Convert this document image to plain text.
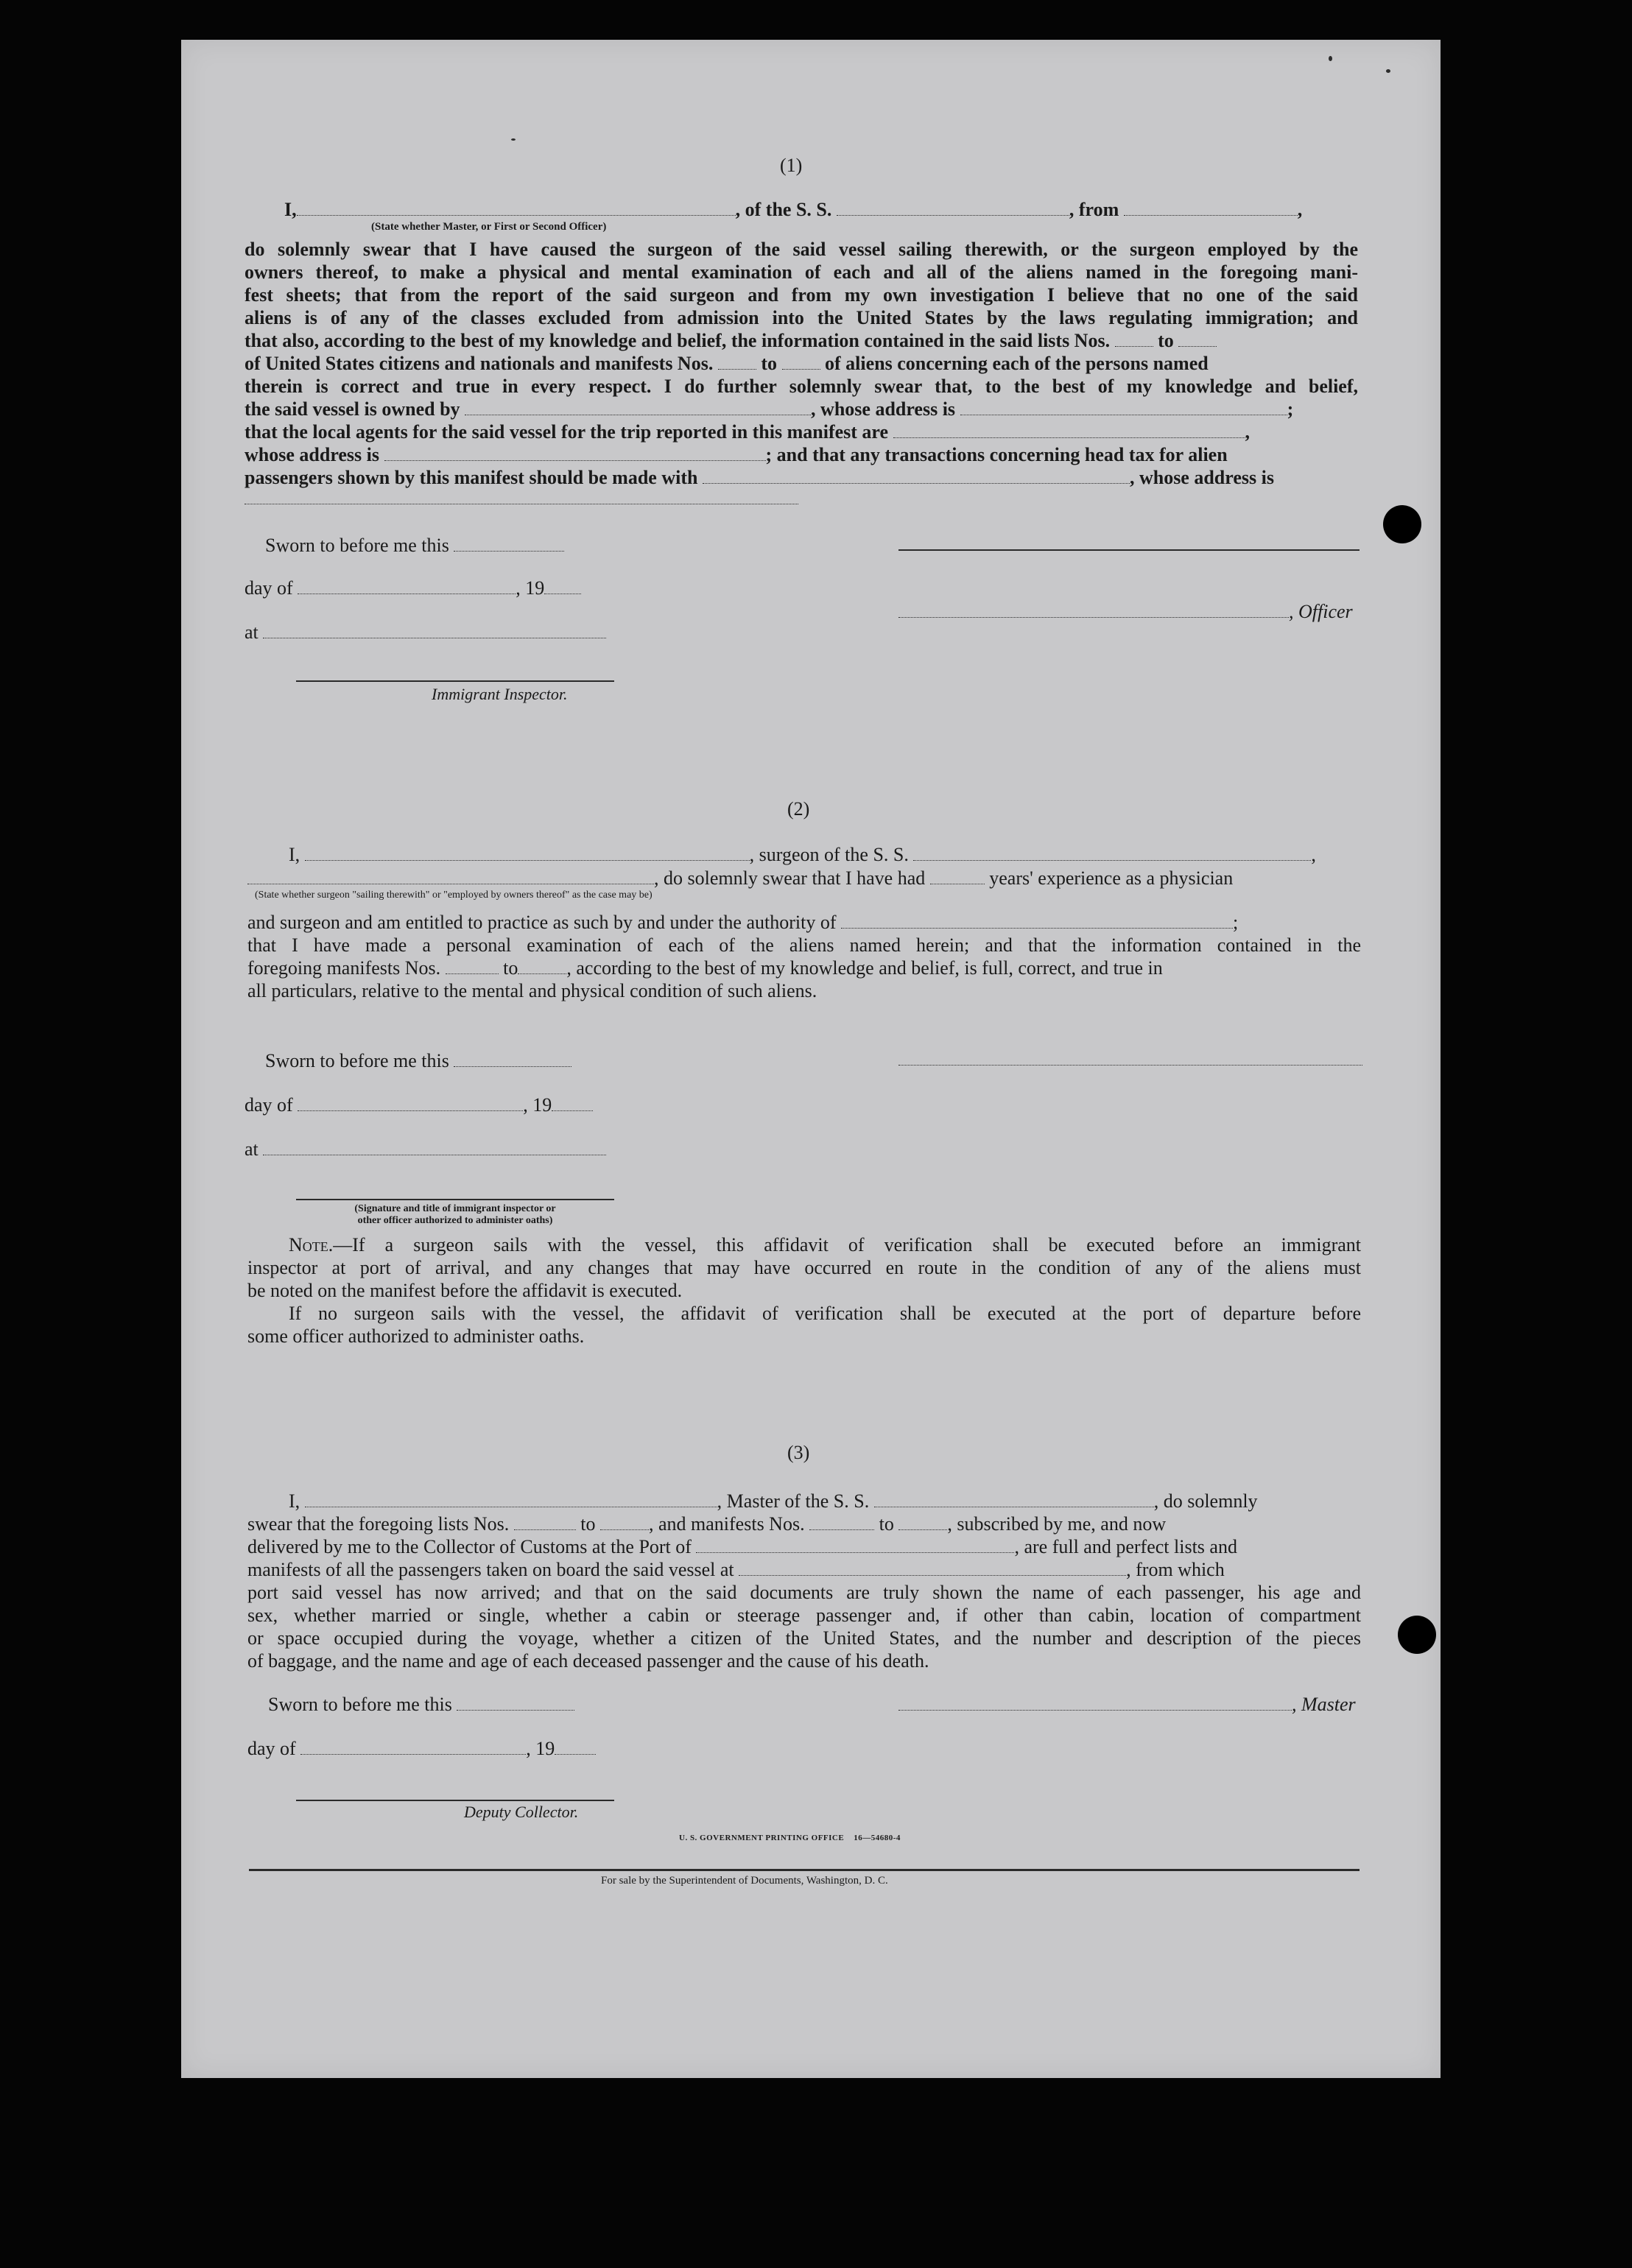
(1)
I,	, of the S. S.	, from	,
(State whether Master, or First or Second Officer)
do solemnly swear that I have caused the surgeon of the said vessel sailing therewith, or the surgeon employed by the
owners thereof, to make a physical and mental examination of each and all of the aliens named in the foregoing mani-
fest sheets; that from the report of the said surgeon and from my own investigation I believe that no one of the said
aliens is of any of the classes excluded from admission into the United States by the laws regulating immigration; and
that also, according to the best of my knowledge and belief, the information contained in the said lists Nos.	to
of United States citizens and nationals and manifests Nos.	to	of aliens concerning each of the persons named
therein is correct and true in every respect. I do further solemnly swear that, to the best of my knowledge and belief,
the said vessel is owned by	, whose address is	;
that the local agents for the said vessel for the trip reported in this manifest are	,
whose address is	; and that any transactions concerning head tax for alien
passengers shown by this manifest should be made with	, whose address is
Sworn to before me this
day of	, 19
at
Immigrant Inspector.
, Officer
(2)
I,	, surgeon of the S. S.	,
, do solemnly swear that I have had	years' experience as a physician
(State whether surgeon "sailing therewith" or "employed by owners thereof" as the case may be)
and surgeon and am entitled to practice as such by and under the authority of	;
that I have made a personal examination of each of the aliens named herein; and that the information contained in the
foregoing manifests Nos.	to	, according to the best of my knowledge and belief, is full, correct, and true in
all particulars, relative to the mental and physical condition of such aliens.
Sworn to before me this
day of	, 19
at
(Signature and title of immigrant inspector or
other officer authorized to administer oaths)
Note.—If a surgeon sails with the vessel, this affidavit of verification shall be executed before an immigrant
inspector at port of arrival, and any changes that may have occurred en route in the condition of any of the aliens must
be noted on the manifest before the affidavit is executed.
If no surgeon sails with the vessel, the affidavit of verification shall be executed at the port of departure before
some officer authorized to administer oaths.
(3)
I,	, Master of the S. S.	, do solemnly
swear that the foregoing lists Nos.	to	, and manifests Nos.	to	, subscribed by me, and now
delivered by me to the Collector of Customs at the Port of	, are full and perfect lists and
manifests of all the passengers taken on board the said vessel at	, from which
port said vessel has now arrived; and that on the said documents are truly shown the name of each passenger, his age and
sex, whether married or single, whether a cabin or steerage passenger and, if other than cabin, location of compartment
or space occupied during the voyage, whether a citizen of the United States, and the number and description of the pieces
of baggage, and the name and age of each deceased passenger and the cause of his death.
Sworn to before me this
day of	, 19
, Master
Deputy Collector.
U. S. GOVERNMENT PRINTING OFFICE    16—54680-4
For sale by the Superintendent of Documents, Washington, D. C.
